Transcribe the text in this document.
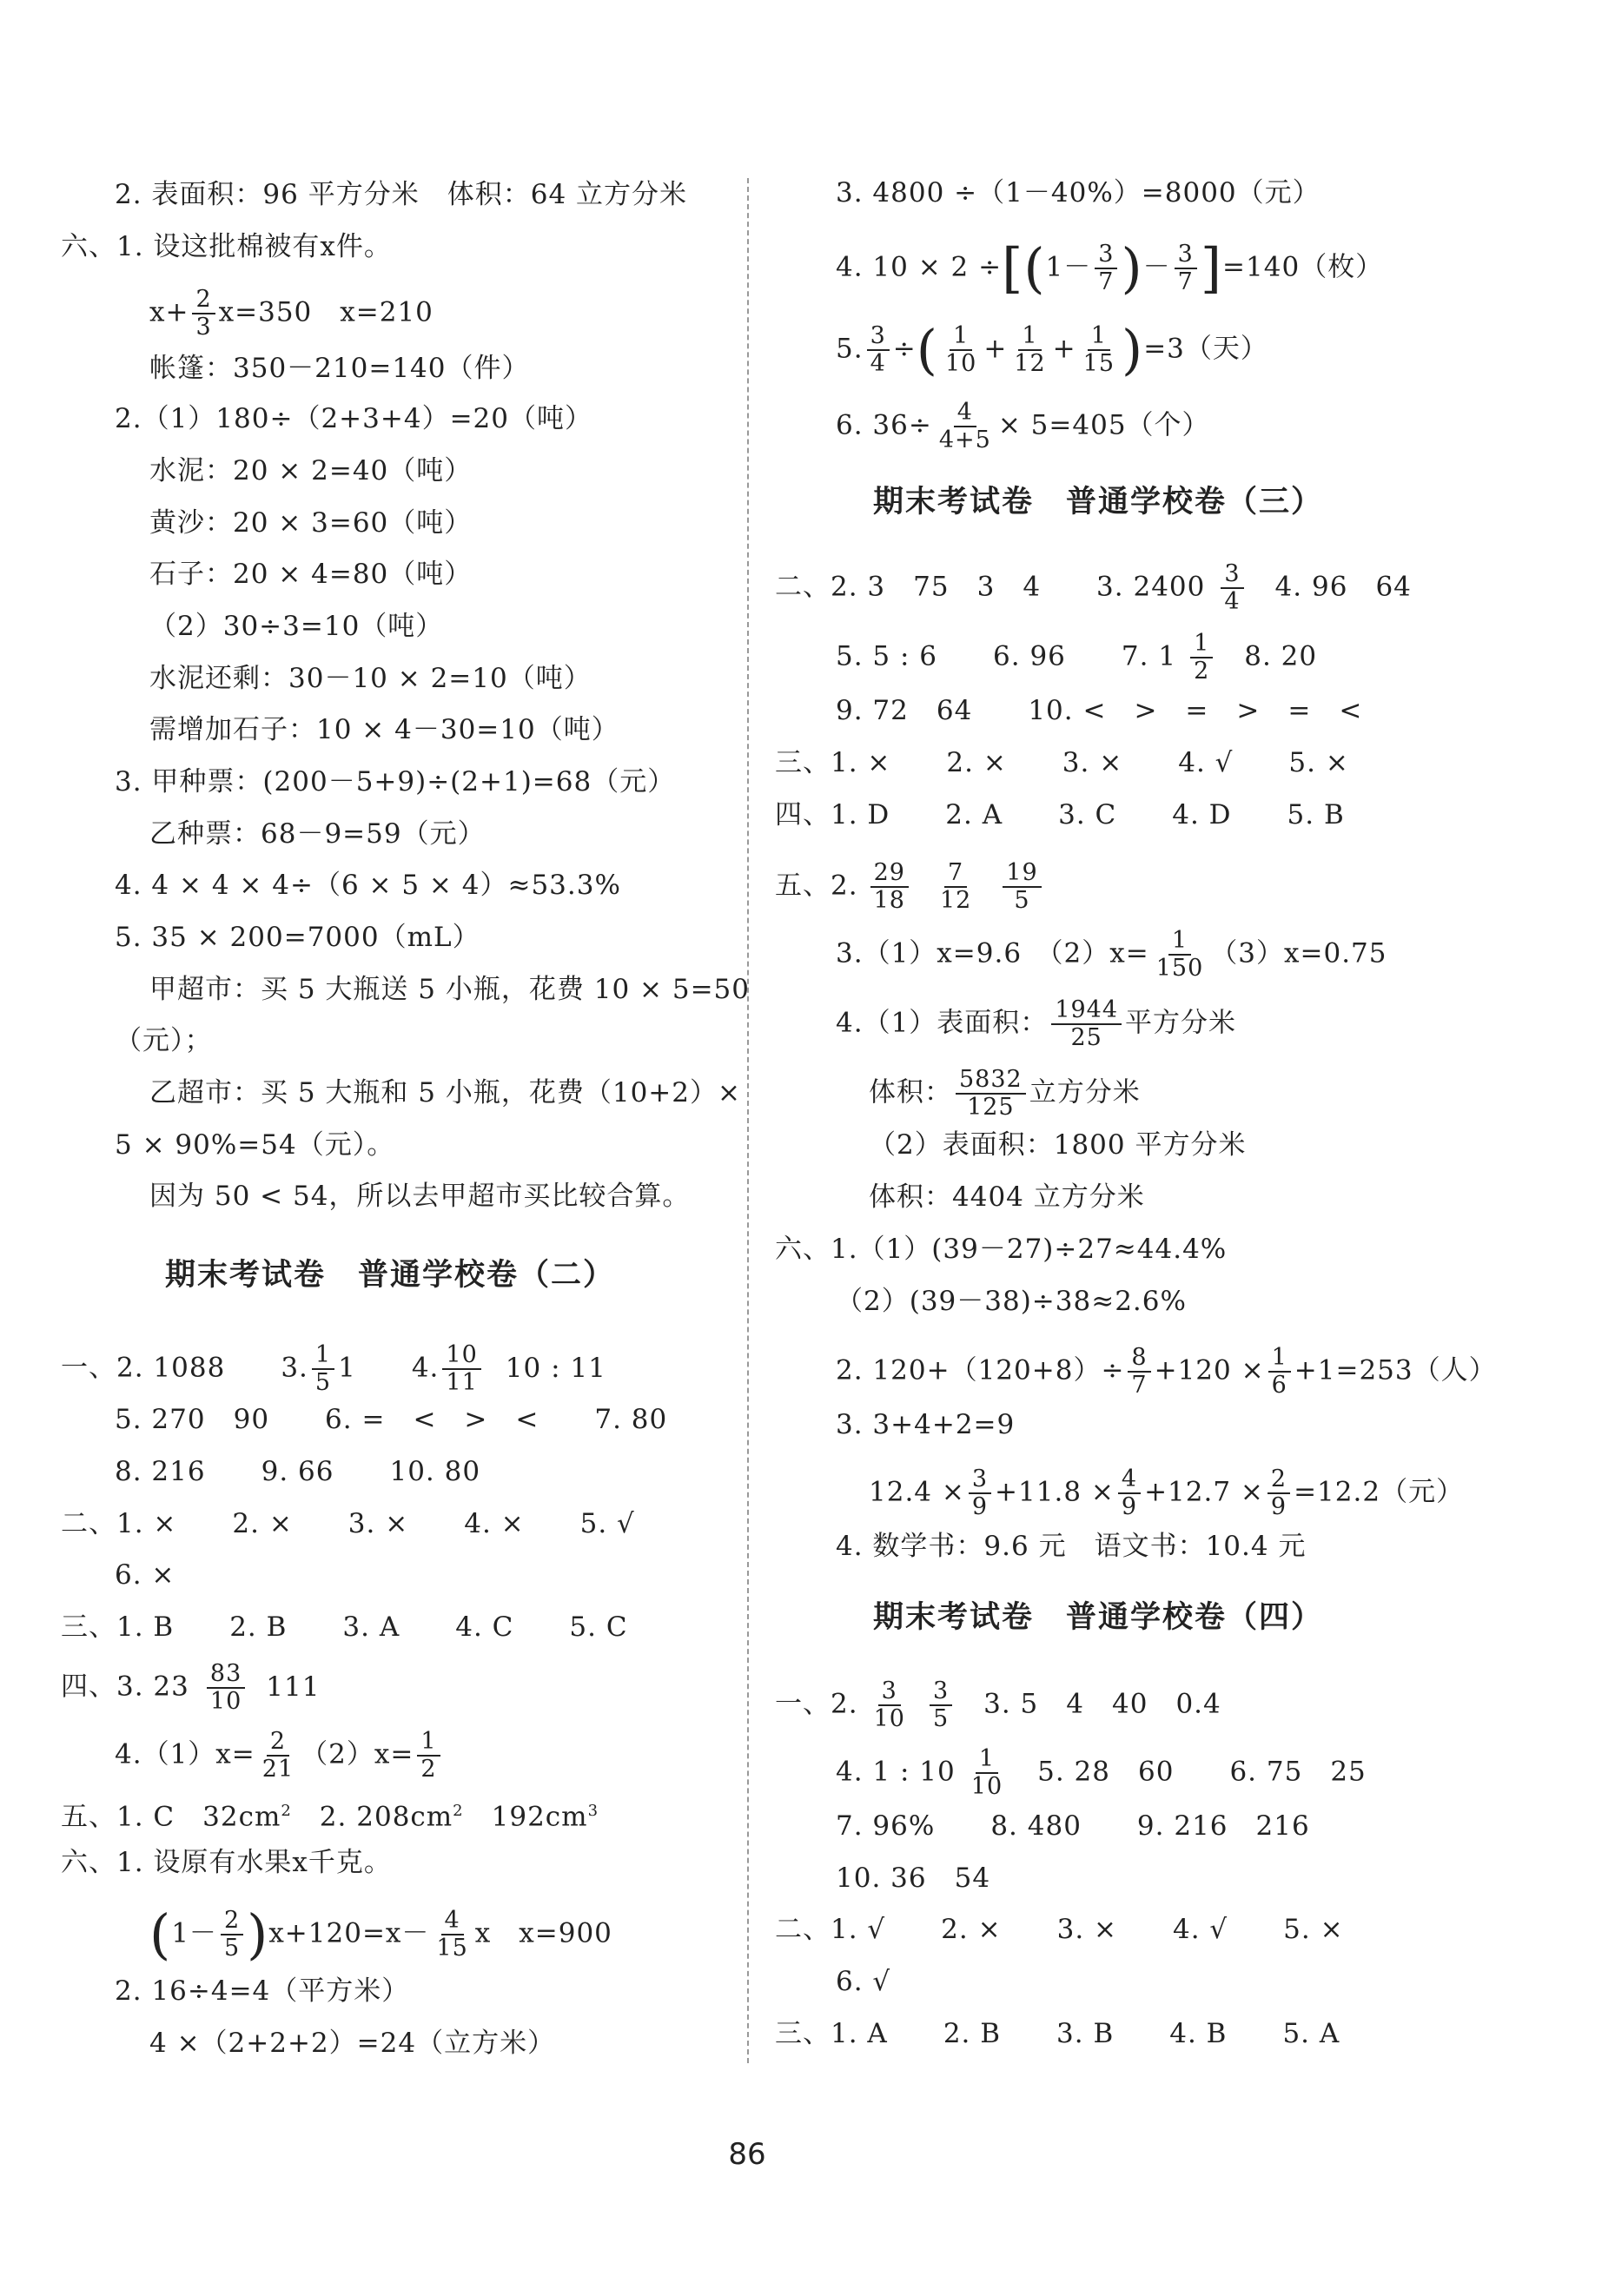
2. 表面积：96 平方分米　体积：64 立方分米
六、1. 设这批棉被有x件。
$x+ \frac{2}{3} x=350$　x=210
帐篷：350－210=140（件）
2.（1）180÷（2+3+4）=20（吨）
水泥：20 × 2=40（吨）
黄沙：20 × 3=60（吨）
石子：20 × 4=80（吨）
（2）30÷3=10（吨）
水泥还剩：30－10 × 2=10（吨）
需增加石子：10 × 4－30=10（吨）
3. 甲种票：(200－5+9)÷(2+1)=68（元）
乙种票：68－9=59（元）
4. 4 × 4 × 4÷（6 × 5 × 4）≈53.3%
5. 35 × 200=7000（mL）
甲超市：买 5 大瓶送 5 小瓶，花费 10 × 5=50
（元）；
乙超市：买 5 大瓶和 5 小瓶，花费（10+2）×
5 × 90%=54（元）。
因为 50 < 54，所以去甲超市买比较合算。
期末考试卷　普通学校卷（二）
一、2. 1088　　3. $\frac{1}{5} 1$　　4. $\frac{10}{11} 10$ : 11
5. 270　90　　6. =　<　>　<　　7. 80
8. 216　　9. 66　　10. 80
二、1. ×　　2. ×　　3. ×　　4. ×　　5. √
6. ×
三、1. B　　2. B　　3. A　　4. C　　5. C
四、3. $23 \frac{83}{10} 111$
$4.(1)x= \frac{2}{21} (2)x= \frac{1}{2}$
五、1. C　$32cm^2$　2. $208cm^2$　$192cm^3$
六、1. 设原有水果x千克。
$(1- \frac{2}{5} )x+120=x- \frac{4}{15}$ x　x=900
2. 16÷4=4（平方米）
4 ×（2+2+2）=24（立方米）
3. 4800 ÷（1－40%）=8000（元）
4. $10 \times 2 \div[(1- \frac{3}{7}$ )－ $\frac{3}{7} ]=140$（枚）
5. $\frac{3}{4}$ ÷( $\frac{1}{10} + \frac{1}{12} + \frac{1}{15} )=3$（天）
6. $36\div \frac{4}{4+5} \times 5=405$（个）
期末考试卷　普通学校卷（三）
二、2. 3　75　3　4　　3. $2400 \frac{3}{4}$ 　4. 96　64
5. 5 : 6　　6. 96　　7. $1 \frac{1}{2}$ 　8. 20
9. 72　64　　10. <　>　=　>　=　<
三、1. ×　　2. ×　　3. ×　　4. √　　5. ×
四、1. D　　2. A　　3. C　　4. D　　5. B
五、2. $\frac{29}{18} \frac{7}{12} \frac{19}{5}$
3.（1）x=9.6　$(2)x= \frac{1}{150} (3)x=0.75$
4.（1）表面积： $\frac{1944}{25}$ 平方分米
体积： $\frac{5832}{125}$ 立方分米
（2）表面积：1800 平方分米
体积：4404 立方分米
六、1.（1）(39－27)÷27≈44.4%
（2）(39－38)÷38≈2.6%
2. $120+(120+8)\div \frac{8}{7} +120 \times \frac{1}{6} +1=253$（人）
3. 3+4+2=9
$12.4 \times \frac{3}{9} +11.8 \times \frac{4}{9} +12.7 \times \frac{2}{9} =12.2$（元）
4. 数学书：9.6 元　语文书：10.4 元
期末考试卷　普通学校卷（四）
一、2. $\frac{3}{10} \frac{3}{5}$ 　3. 5　4　40　0.4
4. 1 : $10 \frac{1}{10}$ 　5. 28　60　　6. 75　25
7. 96%　　8. 480　　9. 216　216
10. 36　54
二、1. √　　2. ×　　3. ×　　4. √　　5. ×
6. √
三、1. A　　2. B　　3. B　　4. B　　5. A
86
